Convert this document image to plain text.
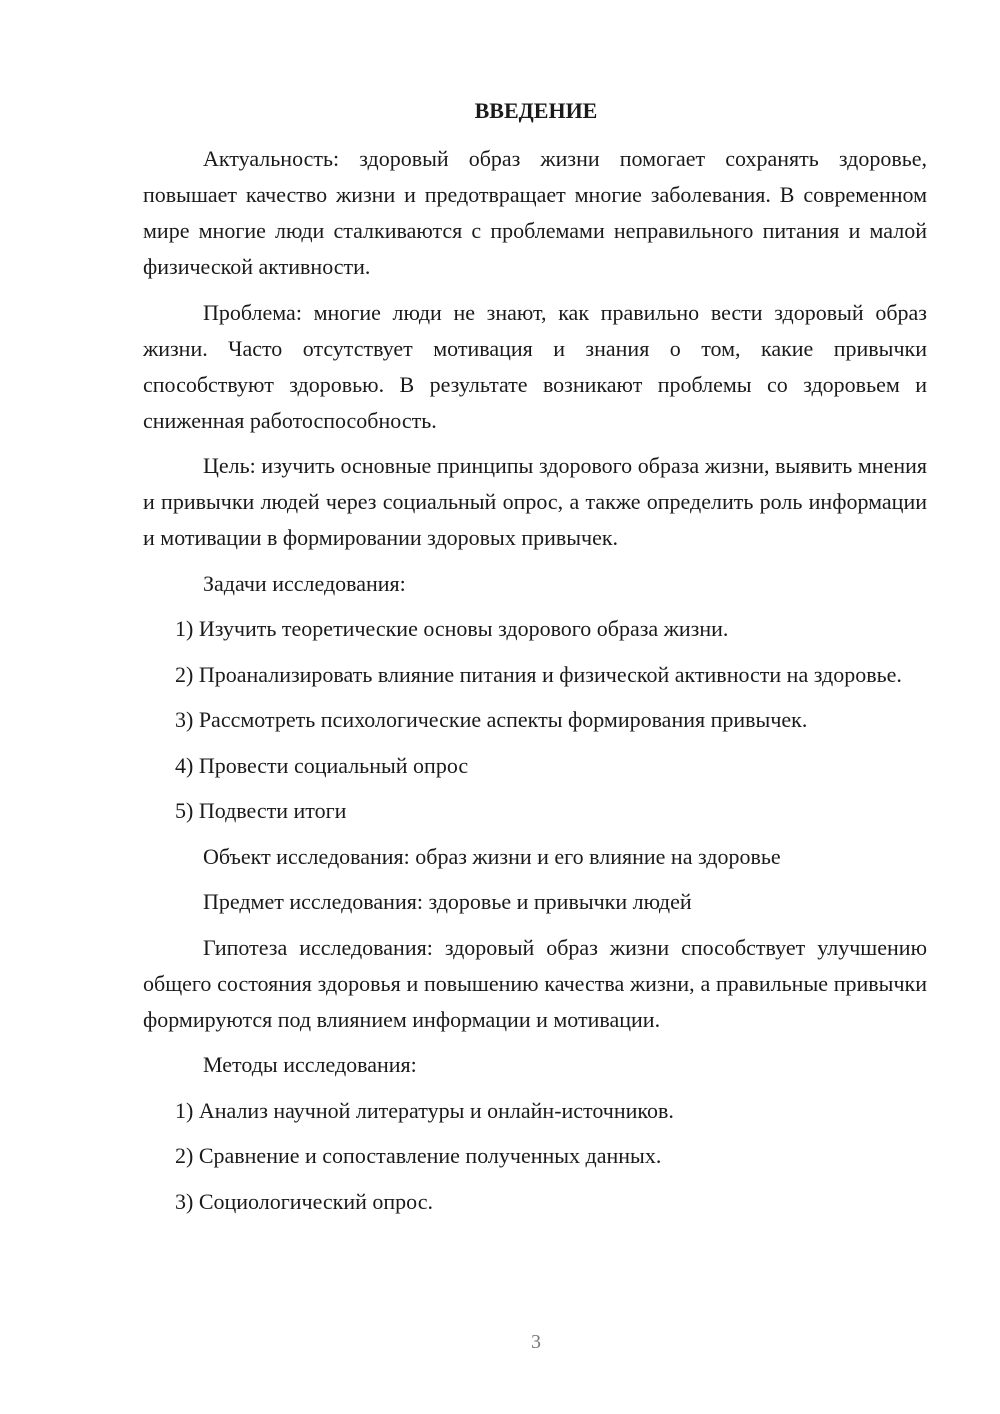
ВВЕДЕНИЕ

Актуальность: здоровый образ жизни помогает сохранять здоровье, повышает качество жизни и предотвращает многие заболевания. В современном мире многие люди сталкиваются с проблемами неправильного питания и малой физической активности.

Проблема: многие люди не знают, как правильно вести здоровый образ жизни. Часто отсутствует мотивация и знания о том, какие привычки способствуют здоровью. В результате возникают проблемы со здоровьем и сниженная работоспособность.

Цель: изучить основные принципы здорового образа жизни, выявить мнения и привычки людей через социальный опрос, а также определить роль информации и мотивации в формировании здоровых привычек.

Задачи исследования:

1) Изучить теоретические основы здорового образа жизни.

2) Проанализировать влияние питания и физической активности на здоровье.

3) Рассмотреть психологические аспекты формирования привычек.

4) Провести социальный опрос

5) Подвести итоги

Объект исследования: образ жизни и его влияние на здоровье

Предмет исследования: здоровье и привычки людей

Гипотеза исследования: здоровый образ жизни способствует улучшению общего состояния здоровья и повышению качества жизни, а правильные привычки формируются под влиянием информации и мотивации.

Методы исследования:

1) Анализ научной литературы и онлайн-источников.

2) Сравнение и сопоставление полученных данных.

3) Социологический опрос.

3
